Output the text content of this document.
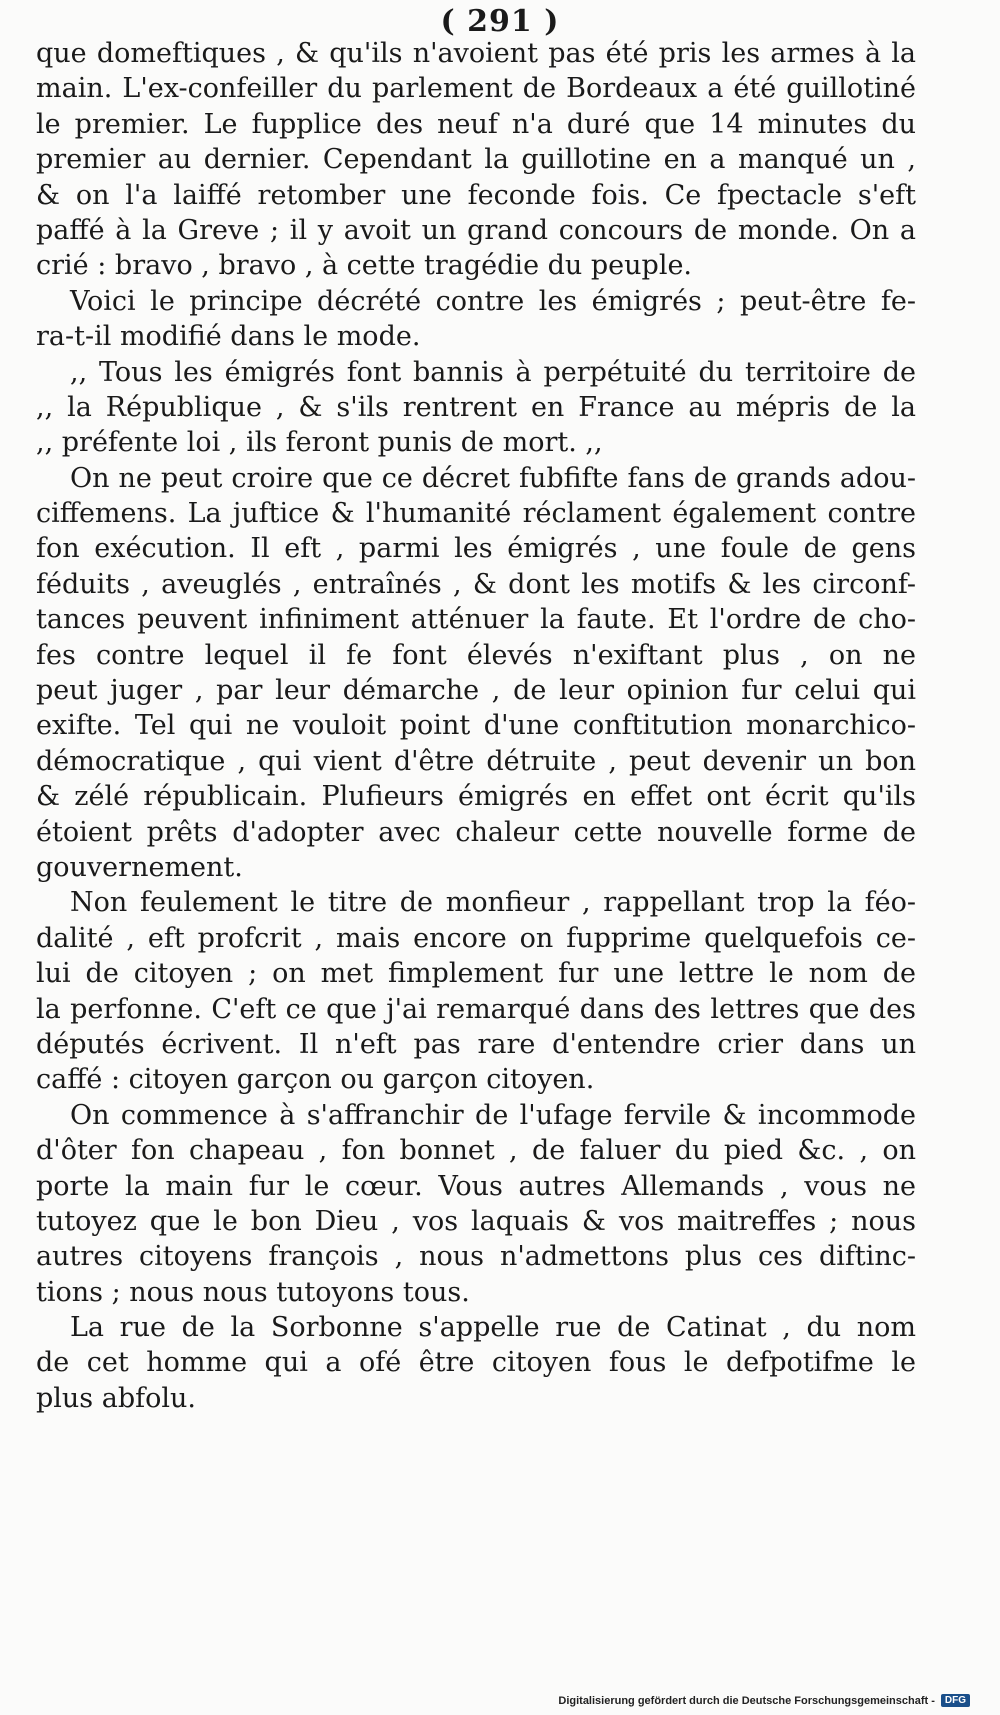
( 291 )
que domeftiques , & qu'ils n'avoient pas été pris les armes à la
main. L'ex-confeiller du parlement de Bordeaux a été guillotiné
le premier. Le fupplice des neuf n'a duré que 14 minutes du
premier au dernier. Cependant la guillotine en a manqué un ,
& on l'a laiffé retomber une feconde fois. Ce fpectacle s'eft
paffé à la Greve ; il y avoit un grand concours de monde. On a
crié : bravo , bravo , à cette tragédie du peuple.
Voici le principe décrété contre les émigrés ; peut-être fe-
ra-t-il modifié dans le mode.
,, Tous les émigrés font bannis à perpétuité du territoire de
,, la République , & s'ils rentrent en France au mépris de la
,, préfente loi , ils feront punis de mort. ,,
On ne peut croire que ce décret fubfifte fans de grands adou-
ciffemens. La juftice & l'humanité réclament également contre
fon exécution. Il eft , parmi les émigrés , une foule de gens
féduits , aveuglés , entraînés , & dont les motifs & les circonf-
tances peuvent infiniment atténuer la faute. Et l'ordre de cho-
fes contre lequel il fe font élevés n'exiftant plus , on ne
peut juger , par leur démarche , de leur opinion fur celui qui
exifte. Tel qui ne vouloit point d'une conftitution monarchico-
démocratique , qui vient d'être détruite , peut devenir un bon
& zélé républicain. Plufieurs émigrés en effet ont écrit qu'ils
étoient prêts d'adopter avec chaleur cette nouvelle forme de
gouvernement.
Non feulement le titre de monfieur , rappellant trop la féo-
dalité , eft profcrit , mais encore on fupprime quelquefois ce-
lui de citoyen ; on met fimplement fur une lettre le nom de
la perfonne. C'eft ce que j'ai remarqué dans des lettres que des
députés écrivent. Il n'eft pas rare d'entendre crier dans un
caffé : citoyen garçon ou garçon citoyen.
On commence à s'affranchir de l'ufage fervile & incommode
d'ôter fon chapeau , fon bonnet , de faluer du pied &c. , on
porte la main fur le cœur. Vous autres Allemands , vous ne
tutoyez que le bon Dieu , vos laquais & vos maitreffes ; nous
autres citoyens françois , nous n'admettons plus ces diftinc-
tions ; nous nous tutoyons tous.
La rue de la Sorbonne s'appelle rue de Catinat , du nom
de cet homme qui a ofé être citoyen fous le defpotifme le
plus abfolu.
Digitalisierung gefördert durch die Deutsche Forschungsgemeinschaft -	DFG
